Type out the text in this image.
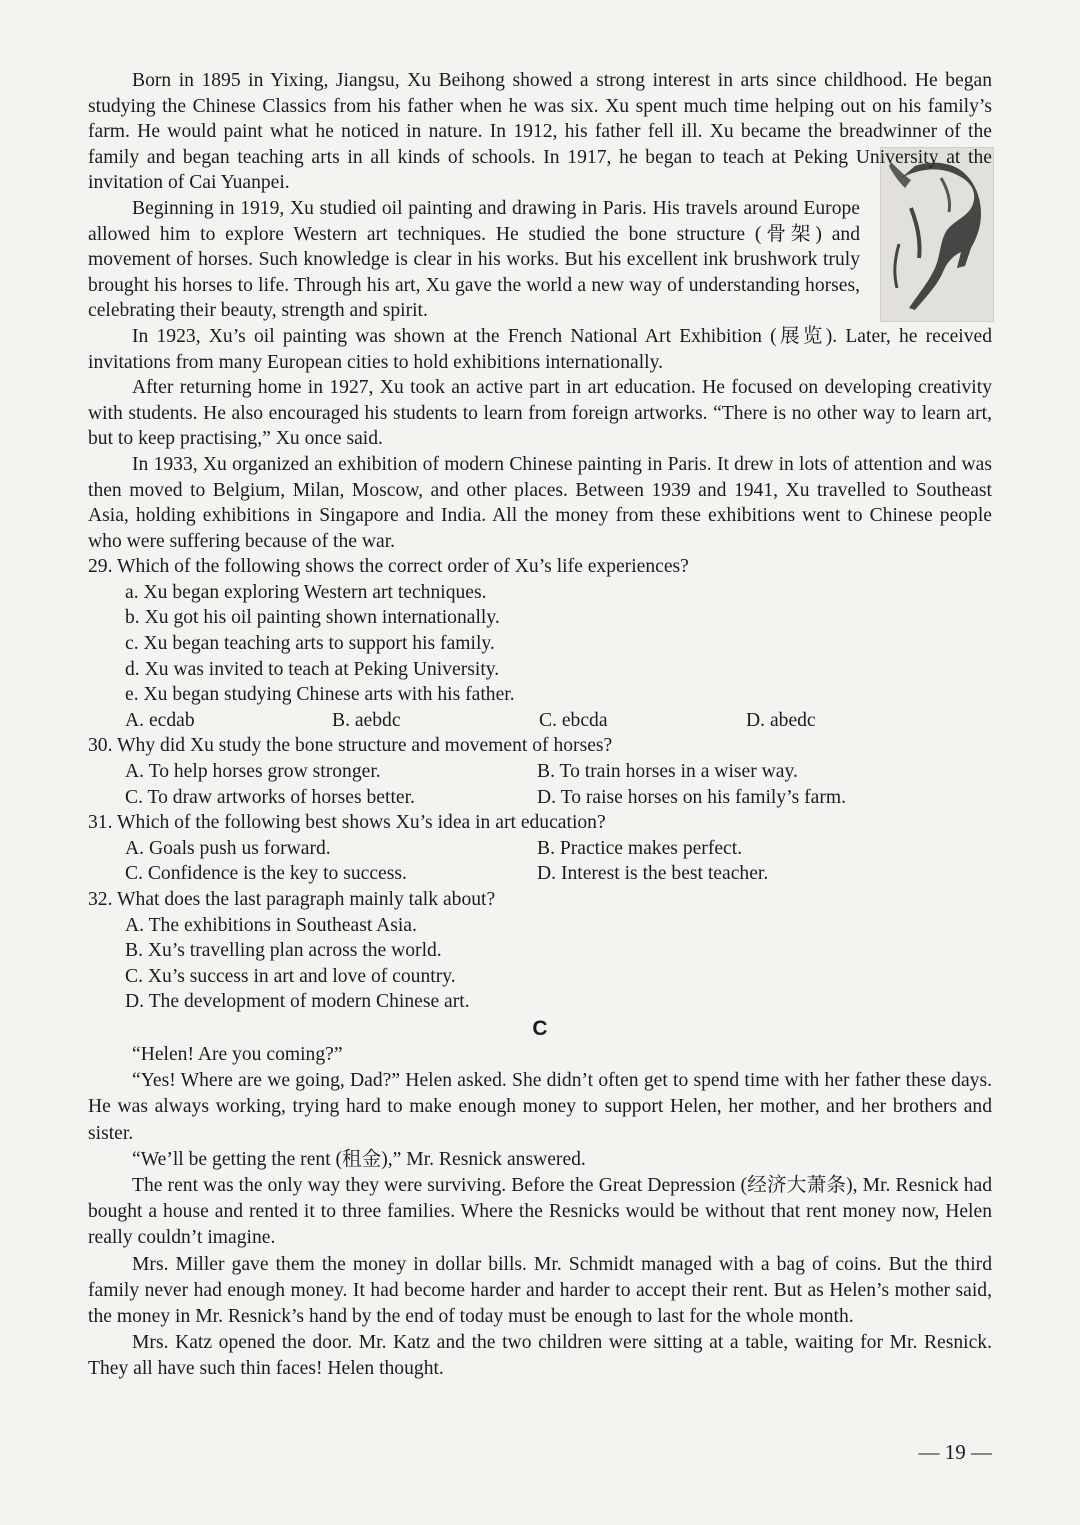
Born in 1895 in Yixing, Jiangsu, Xu Beihong showed a strong interest in arts since childhood. He began studying the Chinese Classics from his father when he was six. Xu spent much time helping out on his family’s farm. He would paint what he noticed in nature. In 1912, his father fell ill. Xu became the breadwinner of the family and began teaching arts in all kinds of schools. In 1917, he began to teach at Peking University at the invitation of Cai Yuanpei.

Beginning in 1919, Xu studied oil painting and drawing in Paris. His travels around Europe allowed him to explore Western art techniques. He studied the bone structure (骨架) and movement of horses. Such knowledge is clear in his works. But his excellent ink brushwork truly brought his horses to life. Through his art, Xu gave the world a new way of understanding horses, celebrating their beauty, strength and spirit.

In 1923, Xu’s oil painting was shown at the French National Art Exhibition (展览). Later, he received invitations from many European cities to hold exhibitions internationally.

After returning home in 1927, Xu took an active part in art education. He focused on developing creativity with students. He also encouraged his students to learn from foreign artworks. “There is no other way to learn art, but to keep practising,” Xu once said.

In 1933, Xu organized an exhibition of modern Chinese painting in Paris. It drew in lots of attention and was then moved to Belgium, Milan, Moscow, and other places. Between 1939 and 1941, Xu travelled to Southeast Asia, holding exhibitions in Singapore and India. All the money from these exhibitions went to Chinese people who were suffering because of the war.

29. Which of the following shows the correct order of Xu’s life experiences?

a. Xu began exploring Western art techniques.

b. Xu got his oil painting shown internationally.

c. Xu began teaching arts to support his family.

d. Xu was invited to teach at Peking University.

e. Xu began studying Chinese arts with his father.

A. ecdab	B. aebdc	C. ebcda	D. abedc

30. Why did Xu study the bone structure and movement of horses?

A. To help horses grow stronger.	B. To train horses in a wiser way.
C. To draw artworks of horses better.	D. To raise horses on his family’s farm.

31. Which of the following best shows Xu’s idea in art education?

A. Goals push us forward.	B. Practice makes perfect.
C. Confidence is the key to success.	D. Interest is the best teacher.

32. What does the last paragraph mainly talk about?

A. The exhibitions in Southeast Asia.

B. Xu’s travelling plan across the world.

C. Xu’s success in art and love of country.

D. The development of modern Chinese art.

C

“Helen! Are you coming?”

“Yes! Where are we going, Dad?” Helen asked. She didn’t often get to spend time with her father these days. He was always working, trying hard to make enough money to support Helen, her mother, and her brothers and sister.

“We’ll be getting the rent (租金),” Mr. Resnick answered.

The rent was the only way they were surviving. Before the Great Depression (经济大萧条), Mr. Resnick had bought a house and rented it to three families. Where the Resnicks would be without that rent money now, Helen really couldn’t imagine.

Mrs. Miller gave them the money in dollar bills. Mr. Schmidt managed with a bag of coins. But the third family never had enough money. It had become harder and harder to accept their rent. But as Helen’s mother said, the money in Mr. Resnick’s hand by the end of today must be enough to last for the whole month.

Mrs. Katz opened the door. Mr. Katz and the two children were sitting at a table, waiting for Mr. Resnick. They all have such thin faces! Helen thought.

— 19 —
